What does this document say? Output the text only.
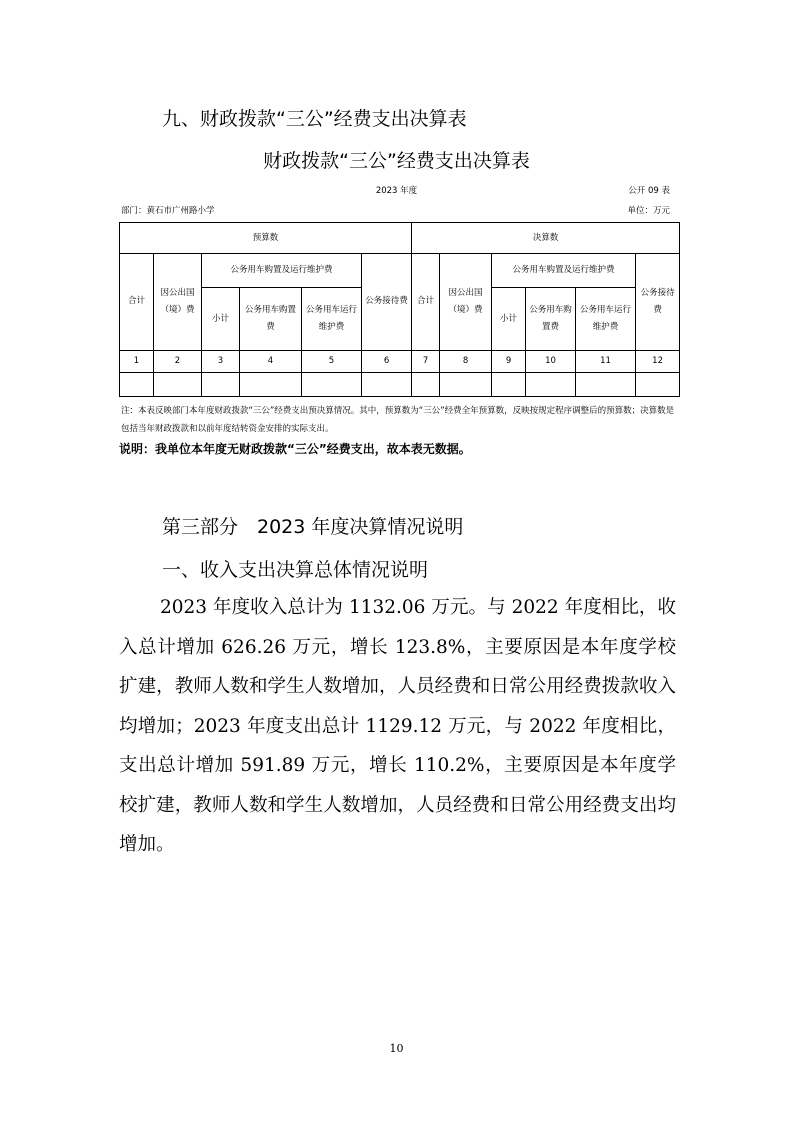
九、财政拨款“三公”经费支出决算表
财政拨款“三公”经费支出决算表
2023 年度	公开 09 表
部门：黄石市广州路小学	单位：万元
预算数						决算数					
合计	因公出国（境）费	公务用车购置及运行维护费			公务接待费	合计	因公出国（境）费	公务用车购置及运行维护费			公务接待费
		小计	公务用车购置费	公务用车运行维护费				小计	公务用车购置费	公务用车运行维护费	
1	2	3	4	5	6	7	8	9	10	11	12

注：本表反映部门本年度财政拨款“三公”经费支出预决算情况。其中，预算数为“三公”经费全年预算数，反映按规定程序调整后的预算数；决算数是包括当年财政拨款和以前年度结转资金安排的实际支出。
说明：我单位本年度无财政拨款“三公”经费支出，故本表无数据。
第三部分　2023 年度决算情况说明
一、收入支出决算总体情况说明
2023 年度收入总计为 1132.06 万元。与 2022 年度相比，收入总计增加 626.26 万元，增长 123.8%，主要原因是本年度学校扩建，教师人数和学生人数增加，人员经费和日常公用经费拨款收入均增加；2023 年度支出总计 1129.12 万元，与 2022 年度相比，支出总计增加 591.89 万元，增长 110.2%，主要原因是本年度学校扩建，教师人数和学生人数增加，人员经费和日常公用经费支出均增加。
10
